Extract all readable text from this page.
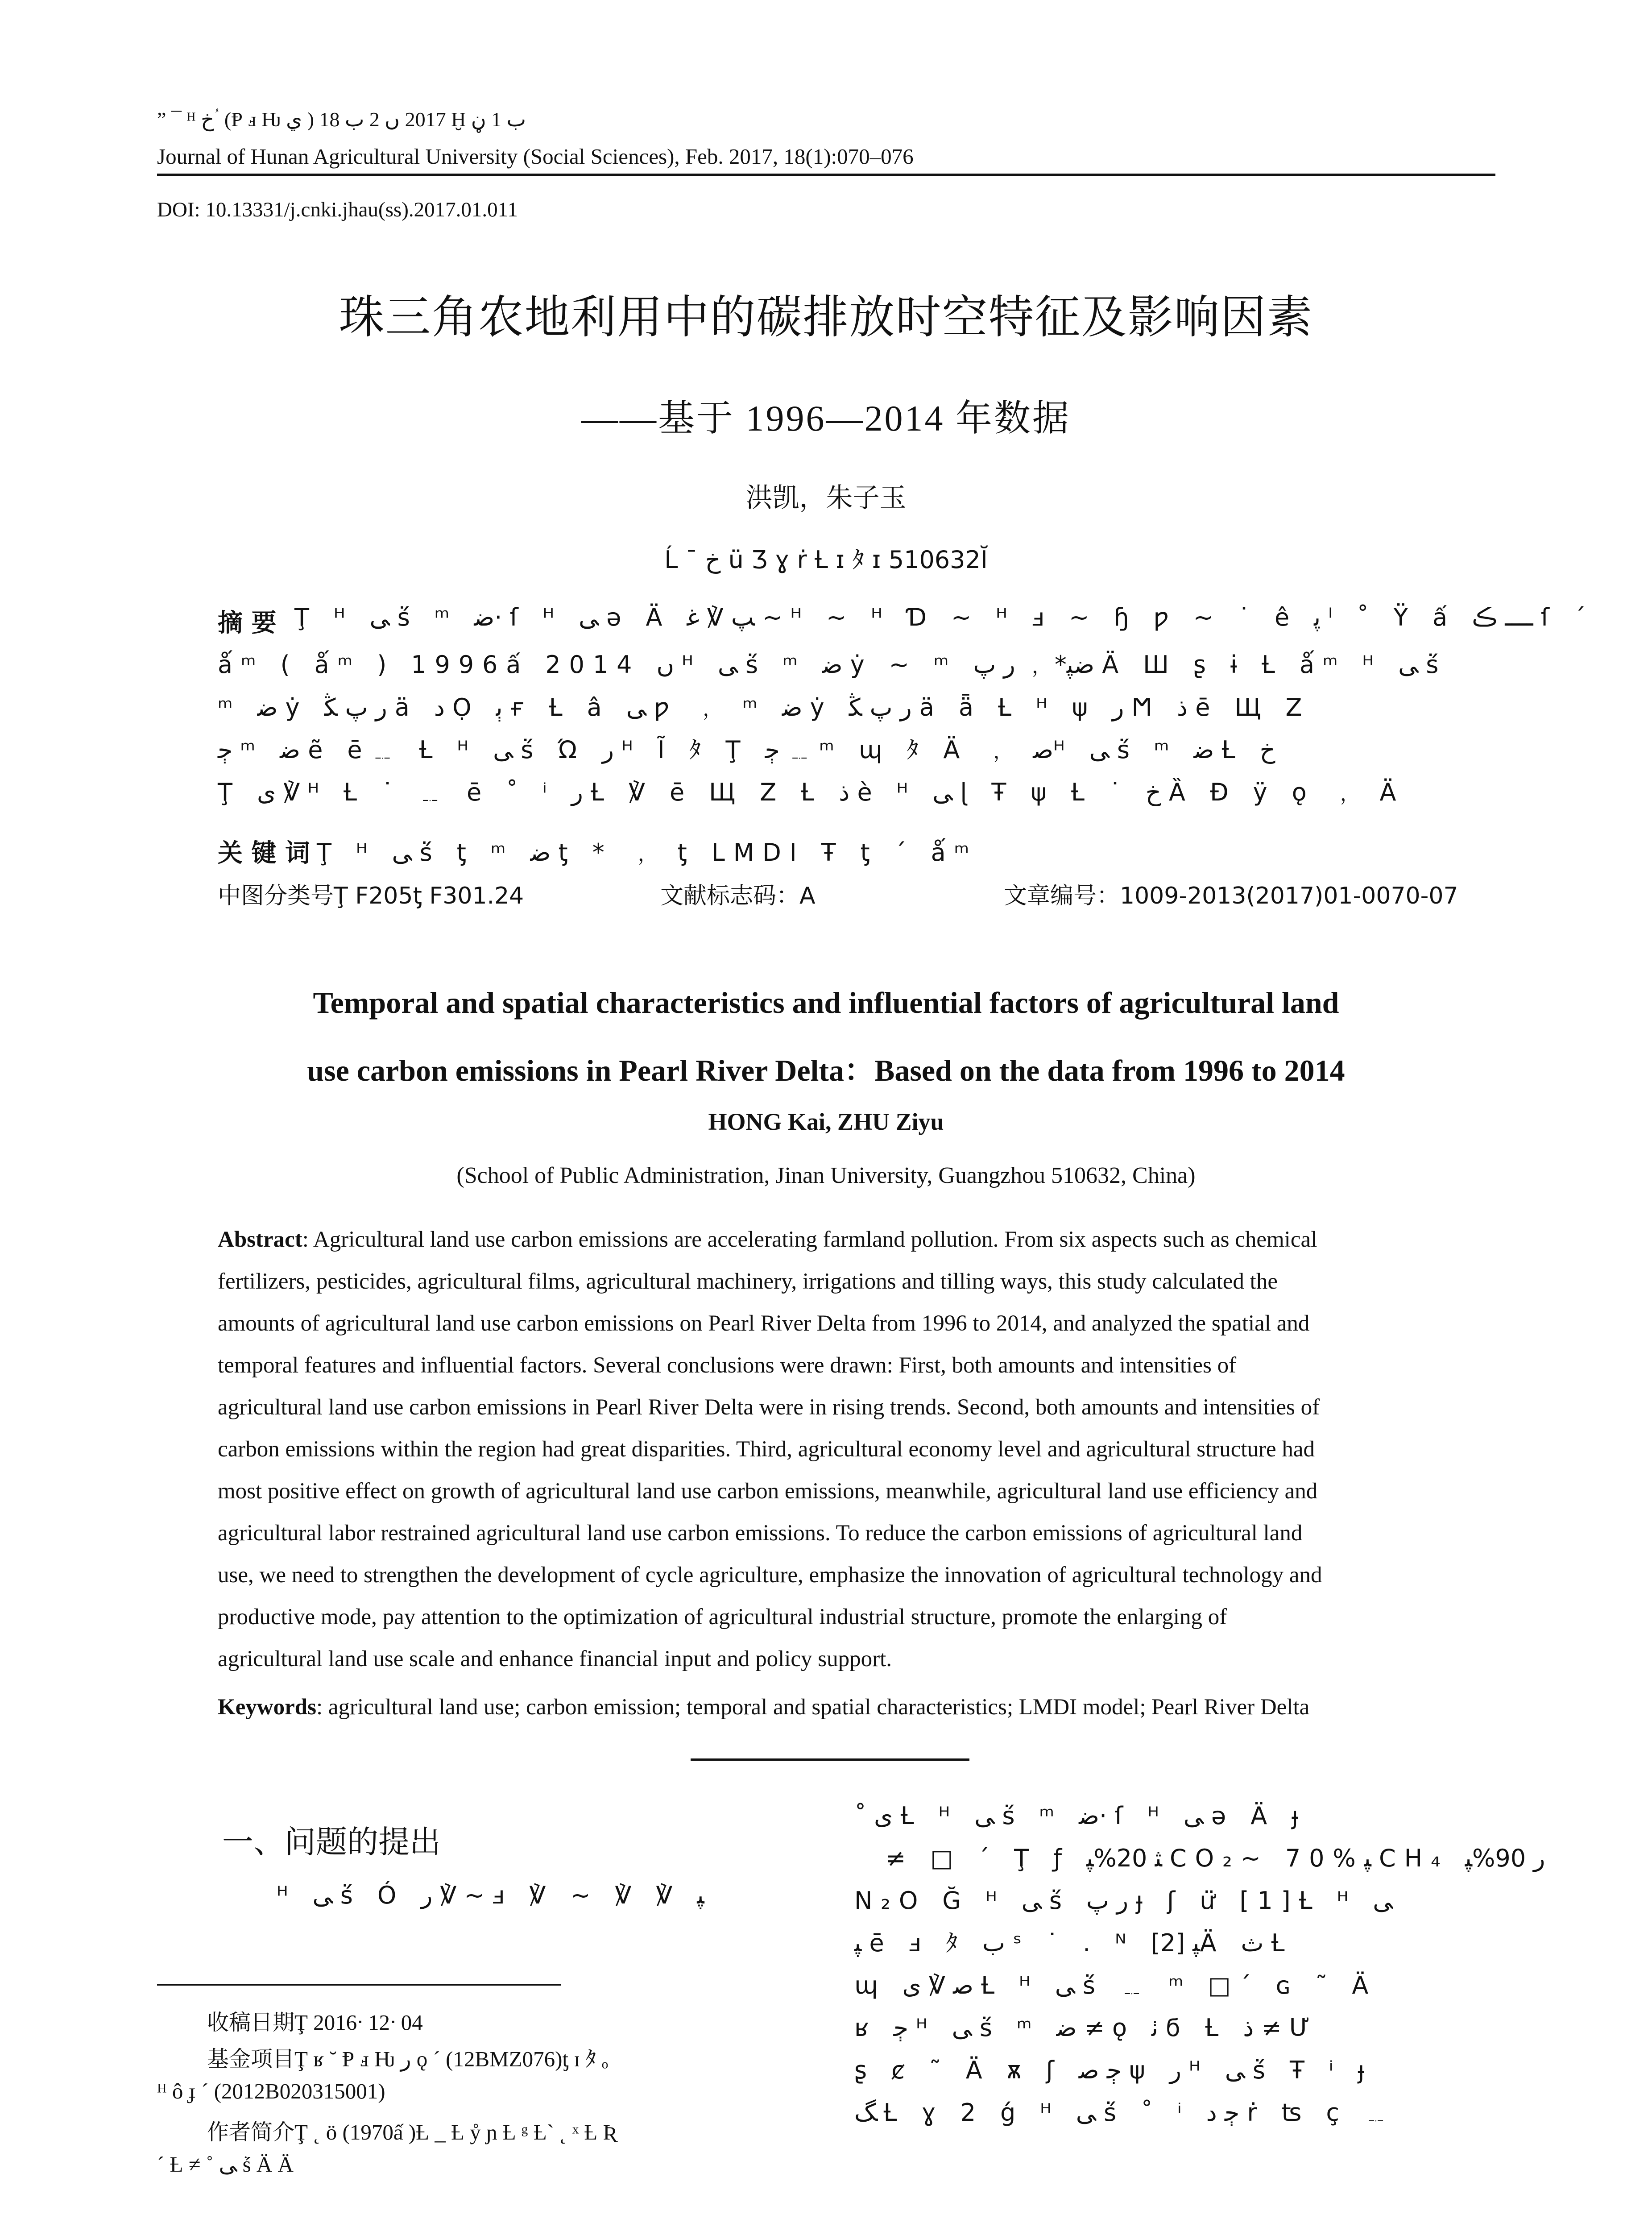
” ¯ ᴴ خ ؙ (Ᵽ ⅎ Ƕ ي ) 2017 ں 2 ب 18 Ḫ ب 1 ڼ
Journal of Hunan Agricultural University (Social Sciences), Feb. 2017, 18(1):070–076
DOI: 10.13331/j.cnki.jhau(ss).2017.01.011
珠三角农地利用中的碳排放时空特征及影响因素
——基于 1996—2014 年数据
洪凯，朱子玉
Ĺ ¯ خ ü Ʒ ɣ ṙ Ƚ ɪ ﾀ ɪ 510632Ĭ
摘 要 Ţ ᴴ ﻰ ṥ ᵐ ﺿ· ſ ᴴ ﻰ ǝ Ä ﭗ ℣ ﻏ ~ ᴴ ~ ᴴ Ɗ ~ ᴴ ⅎ ~ ɧ ƿ ~ ˙ ê ﭘ ˡ ˚ Ÿ ấ ــــ ڪ ſ ˊ
ǻᵐ ( ǻᵐ ) 1996ấ 2014 ں ᴴ ﻰ ṥ ᵐ ﺿ ẏ ~ ᵐ ﺿﭙ* ﹐ ﺭ ﭖ Ä Ш ʂ ɨ Ƚ ǻᵐ ᴴ ﻰ ṥ
ᵐ ﺿ ẏ ﺭ ﭖ ﯖ ä ﺩ Ọ ﯦ ғ Ƚ â ﻰ ƿ ﹐ ᵐ ﺿ ẏ ﺭ ﭖ ﯖ ä ǟ Ƚ ᴴ ψ ﺭ Ϻ ﺫ ē Щ Z
ﭴ ᵐ ﺿ ẽ ē﹎ Ƚ ᴴ ﻰ ṥ Ώ ﺭ ᴴ Ĩ ﾀ Ţ ﭴ ﹎ ᵐ ɰ ﾀ Ä ﹐ ﺻᴴ ﻰ ṥ ᵐ ﺿ Ƚ خ
Ţ ﯼ ℣ ᴴ Ƚ ˙ ﹎ ē ˚ ⁱ ﺭ Ƚ ℣ ē Щ Z Ƚ ﺫ è ᴴ ﻰ ɭ Ŧ ψ Ƚ ˙ خ Ȁ Đ ÿ ǫ ﹐ Ä
关 键 词 Ţ ᴴ ﻰ ṥ ƫ ᵐ ﺿ ƫ * ﹐ ƫ LMDI Ŧ ƫ ˊ ǻᵐ
中图分类号Ţ F205ƫ F301.24	文献标志码：A	文章编号：1009-2013(2017)01-0070-07
Temporal and spatial characteristics and influential factors of agricultural land
use carbon emissions in Pearl River Delta：Based on the data from 1996 to 2014
HONG Kai, ZHU Ziyu
(School of Public Administration, Jinan University, Guangzhou 510632, China)
Abstract: Agricultural land use carbon emissions are accelerating farmland pollution. From six aspects such as chemical
fertilizers, pesticides, agricultural films, agricultural machinery, irrigations and tilling ways, this study calculated the
amounts of agricultural land use carbon emissions on Pearl River Delta from 1996 to 2014, and analyzed the spatial and
temporal features and influential factors. Several conclusions were drawn: First, both amounts and intensities of
agricultural land use carbon emissions in Pearl River Delta were in rising trends. Second, both amounts and intensities of
carbon emissions within the region had great disparities. Third, agricultural economy level and agricultural structure had
most positive effect on growth of agricultural land use carbon emissions, meanwhile, agricultural land use efficiency and
agricultural labor restrained agricultural land use carbon emissions. To reduce the carbon emissions of agricultural land
use, we need to strengthen the development of cycle agriculture, emphasize the innovation of agricultural technology and
productive mode, pay attention to the optimization of agricultural industrial structure, promote the enlarging of
agricultural land use scale and enhance financial input and policy support.
Keywords: agricultural land use; carbon emission; temporal and spatial characteristics; LMDI model; Pearl River Delta
一、问题的提出
ᴴ ﻰ ṥ Ó ﺭ ℣ ~ ⅎ ℣ ~ ℣ ℣ ﭙ
收稿日期Ţ 2016ᐧ 12ᐧ 04
基金项目Ţ ʁ ˘ Ᵽ ⅎ Ƕ ﺭ ǫ ˊ (12BMZ076)ƫ ɪ ﾀ ₒ
ᴴ ô ɟ ˊ (2012B020315001)
作者简介Ţ ˛ ö (1970ấ )Ƚ _ Ƚ ẙ ɲ Ƚ ᵍ Ƚ` ˛ ˣ Ƚ Ʀ
ˊ Ƚ ≠ ˚ ﻰ ṥ Ä Ä
˚ ﯼ Ƚ ᴴ ﻰ ṥ ᵐ ﺿ· ſ ᴴ ﻰ ǝ Ä ɟ
≠ □ ˊ Ţ ƒ ﺜ 20%ﭙ CO₂~ 70%ﭙ CH₄ ﺭ 90%ﭙ
N₂O Ğ ᴴ ﻰ ṥ ﺭ ﭖ ɟ ʃ ư̈ [1]Ƚ ᴴ ﻰ
ﭙ ē ⅎ ﾀ ﺏ ˢ ˙ . ᴺ ﭙ [2]Ä ﺙ Ƚ
ɰ ﺻ ℣ ﯼ Ƚ ᴴ ﻰ ṥ ﹎ ᵐ □ˊ ɢ ˜ Ä
ʁ ﭴ ᴴ ﻰ ṥ ᵐ ﺿ ≠ ǫ ﭠ ϭ Ƚ ﺫ ≠ Ư
ʂ ȼ ˜ Ä ѫ ʃ ﭴ ﺻ ψ ﺭ ᴴ ﻰ ṥ Ŧ ⁱ ɟ
ﮓ Ƚ ɣ 2 ǵ ᴴ ﻰ ṥ ˚ ⁱ ﭴ ﺩ ṙ ʦ ç ﹎
